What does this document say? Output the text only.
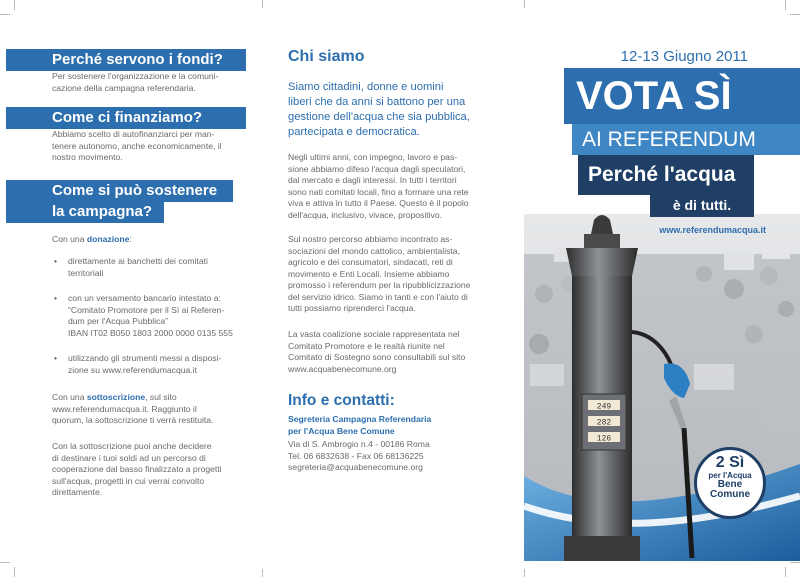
Perché servono i fondi?
Per sostenere l'organizzazione e la comuni-
cazione della campagna referendaria.
Come ci finanziamo?
Abbiamo scelto di autofinanziarci per man-
tenere autonomo, anche economicamente, il
nostro movimento.
Come si può sostenere
la campagna?
Con una donazione:
• direttamente ai banchetti dei comitati
territoriali
• con un versamento bancario intestato a:
“Comitato Promotore per il Sì ai Referen-
dum per l'Acqua Pubblica”
IBAN IT02 B050 1803 2000 0000 0135 555
• utilizzando gli strumenti messi a disposi-
zione su www.referendumacqua.it
Con una sottoscrizione, sul sito
www.referendumacqua.it. Raggiunto il
quorum, la sottoscrizione ti verrà restituita.
Con la sottoscrizione puoi anche decidere
di destinare i tuoi soldi ad un percorso di
cooperazione dal basso finalizzato a progetti
sull'acqua, progetti in cui verrai convolto
direttamente.
Chi siamo
Siamo cittadini, donne e uomini
liberi che da anni si battono per una
gestione dell'acqua che sia pubblica,
partecipata e democratica.
Negli ultimi anni, con impegno, lavoro e pas-
sione abbiamo difeso l'acqua dagli speculatori,
dal mercato e dagli interessi. In tutti i territori
sono nati comitati locali, fino a formare una rete
viva e attiva in tutto il Paese. Questo è il popolo
dell'acqua, inclusivo, vivace, propositivo.
Sul nostro percorso abbiamo incontrato as-
sociazioni del mondo cattolico, ambientalista,
agricolo e dei consumatori, sindacati, reti di
movimento e Enti Locali. Insieme abbiamo
promosso i referendum per la ripubblicizzazione
del servizio idrico. Siamo in tanti e con l'aiuto di
tutti possiamo riprenderci l'acqua.
La vasta coalizione sociale rappresentata nel
Comitato Promotore e le realtà riunite nel
Comitato di Sostegno sono consultabili sul sito
www.acquabenecomune.org
Info e contatti:
Segreteria Campagna Referendaria
per l'Acqua Bene Comune
Via di S. Ambrogio n.4 - 00186 Roma
Tel. 06 6832638 - Fax 06 68136225
segreteria@acquabenecomune.org
249
282
126
12-13 Giugno 2011
VOTA SÌ
AI REFERENDUM
Perché l'acqua
è di tutti.
www.referendumacqua.it
2 Sì
per l'Acqua
Bene
Comune
